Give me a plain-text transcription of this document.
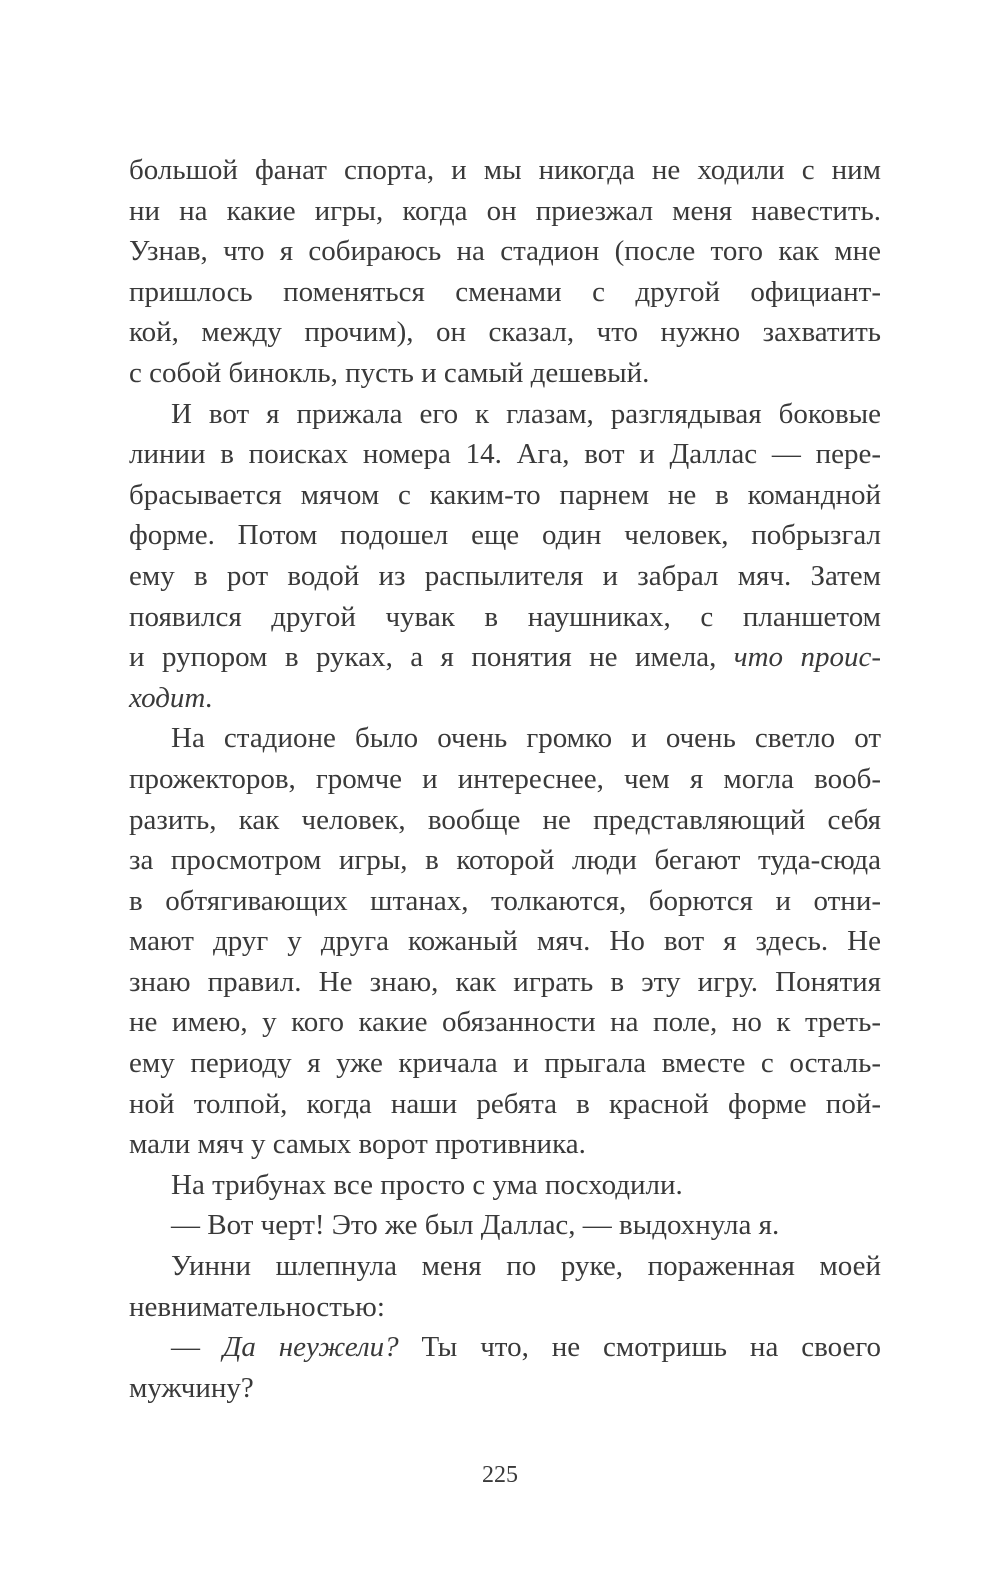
большой фанат спорта, и мы никогда не ходили с ним
ни на какие игры, когда он приезжал меня навестить.
Узнав, что я собираюсь на стадион (после того как мне
пришлось поменяться сменами с другой официант-
кой, между прочим), он сказал, что нужно захватить
с собой бинокль, пусть и самый дешевый.
И вот я прижала его к глазам, разглядывая боковые
линии в поисках номера 14. Ага, вот и Даллас — пере-
брасывается мячом с каким-то парнем не в командной
форме. Потом подошел еще один человек, побрызгал
ему в рот водой из распылителя и забрал мяч. Затем
появился другой чувак в наушниках, с планшетом
и рупором в руках, а я понятия не имела, что проис-
ходит.
На стадионе было очень громко и очень светло от
прожекторов, громче и интереснее, чем я могла вооб-
разить, как человек, вообще не представляющий себя
за просмотром игры, в которой люди бегают туда-сюда
в обтягивающих штанах, толкаются, борются и отни-
мают друг у друга кожаный мяч. Но вот я здесь. Не
знаю правил. Не знаю, как играть в эту игру. Понятия
не имею, у кого какие обязанности на поле, но к треть-
ему периоду я уже кричала и прыгала вместе с осталь-
ной толпой, когда наши ребята в красной форме пой-
мали мяч у самых ворот противника.
На трибунах все просто с ума посходили.
— Вот черт! Это же был Даллас, — выдохнула я.
Уинни шлепнула меня по руке, пораженная моей
невнимательностью:
— Да неужели? Ты что, не смотришь на своего
мужчину?
225
